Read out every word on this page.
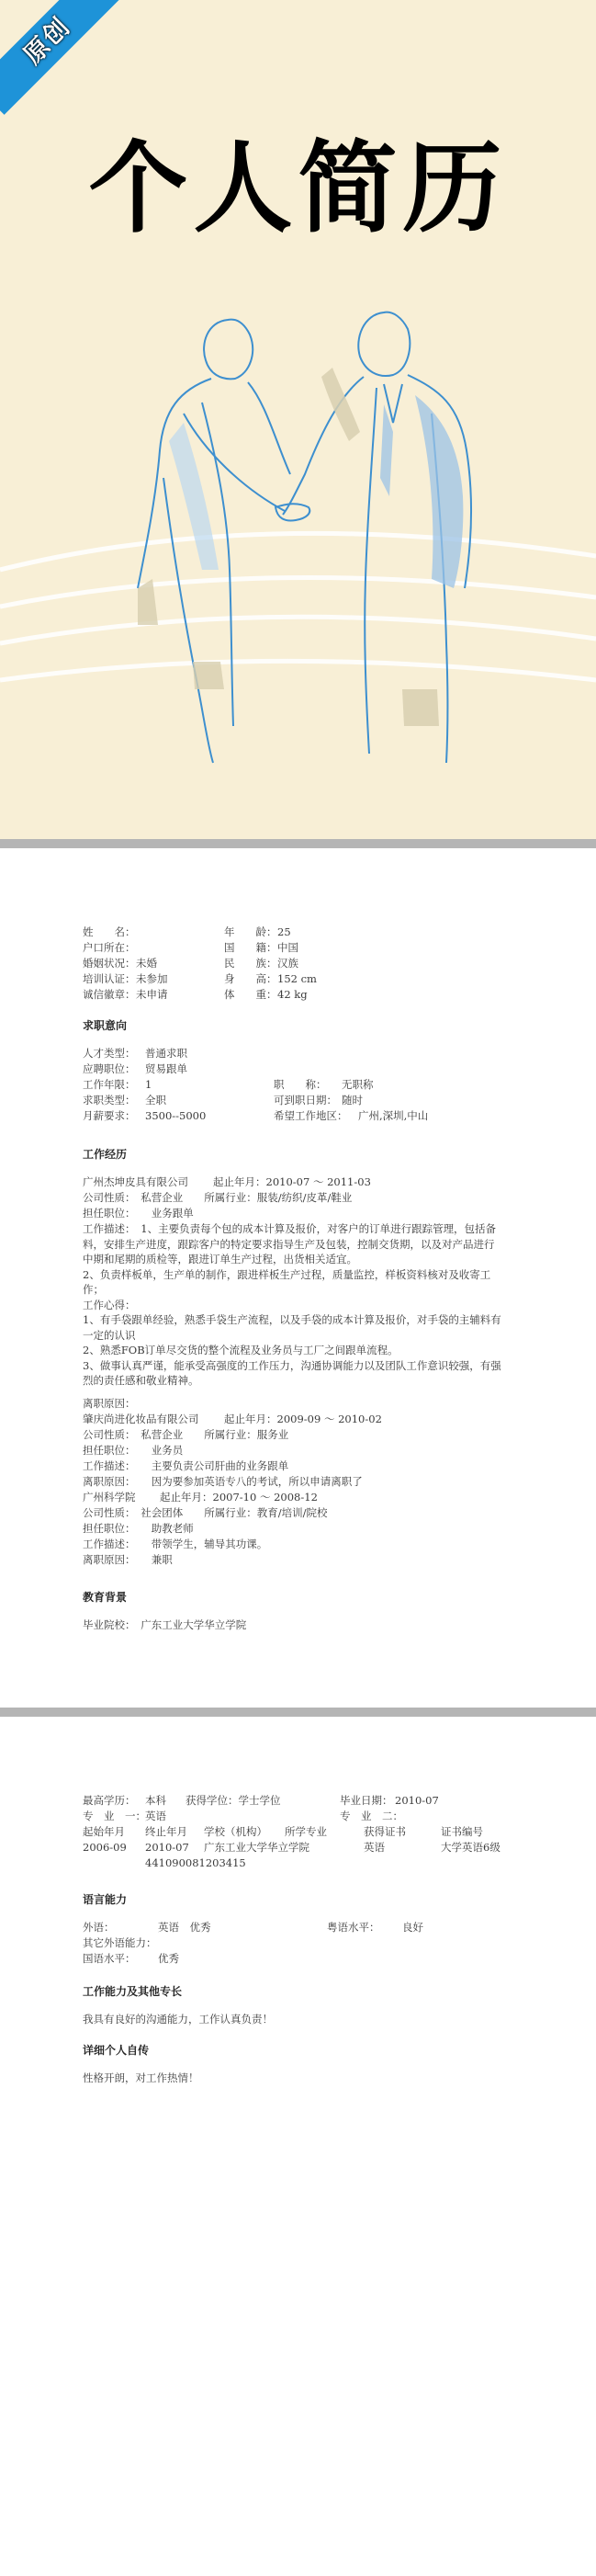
原创
个人简历
姓　　名：	年　　龄： 25
户口所在：	国　　籍： 中国
婚姻状况： 未婚	民　　族： 汉族
培训认证： 未参加	身　　高： 152 cm
诚信徽章： 未申请	体　　重： 42 kg
求职意向
人才类型： 普通求职
应聘职位： 贸易跟单
工作年限： 1	职　　称： 无职称
求职类型： 全职	可到职日期： 随时
月薪要求： 3500--5000	希望工作地区： 广州,深圳,中山
工作经历
广州杰坤皮具有限公司 起止年月：2010-07 ～ 2011-03
公司性质：　私营企业　　所属行业：服装/纺织/皮革/鞋业
担任职位：　　业务跟单
工作描述：　1、主要负责每个包的成本计算及报价，对客户的订单进行跟踪管理，包括备料，安排生产进度，跟踪客户的特定要求指导生产及包装，控制交货期，以及对产品进行中期和尾期的质检等，跟进订单生产过程，出货相关适宜。
2、负责样板单，生产单的制作，跟进样板生产过程，质量监控，样板资料核对及收寄工作；
工作心得：
1、有手袋跟单经验，熟悉手袋生产流程，以及手袋的成本计算及报价，对手袋的主辅料有一定的认识
2、熟悉FOB订单尽交货的整个流程及业务员与工厂之间跟单流程。
3、做事认真严谨，能承受高强度的工作压力，沟通协调能力以及团队工作意识较强，有强烈的责任感和敬业精神。
离职原因：
肇庆尚进化妆品有限公司 起止年月：2009-09 ～ 2010-02
公司性质：　私营企业　　所属行业：服务业
担任职位：　　业务员
工作描述：　　主要负责公司肝曲的业务跟单
离职原因：　　因为要参加英语专八的考试，所以申请离职了
广州科学院 起止年月：2007-10 ～ 2008-12
公司性质：　社会团体　　所属行业：教育/培训/院校
担任职位：　　助教老师
工作描述：　　带领学生，辅导其功课。
离职原因：　　兼职
教育背景
毕业院校：　广东工业大学华立学院
最高学历： 本科 获得学位：学士学位	毕业日期： 2010-07
专　业　一： 英语	专　业　二：
起始年月 终止年月 学校（机构） 所学专业	获得证书	证书编号
2006-09 2010-07 广东工业大学华立学院	英语	大学英语6级
441090081203415
语言能力
外语：	英语　优秀	粤语水平： 良好
其它外语能力：
国语水平： 优秀
工作能力及其他专长
我具有良好的沟通能力，工作认真负责！
详细个人自传
性格开朗，对工作热情！
